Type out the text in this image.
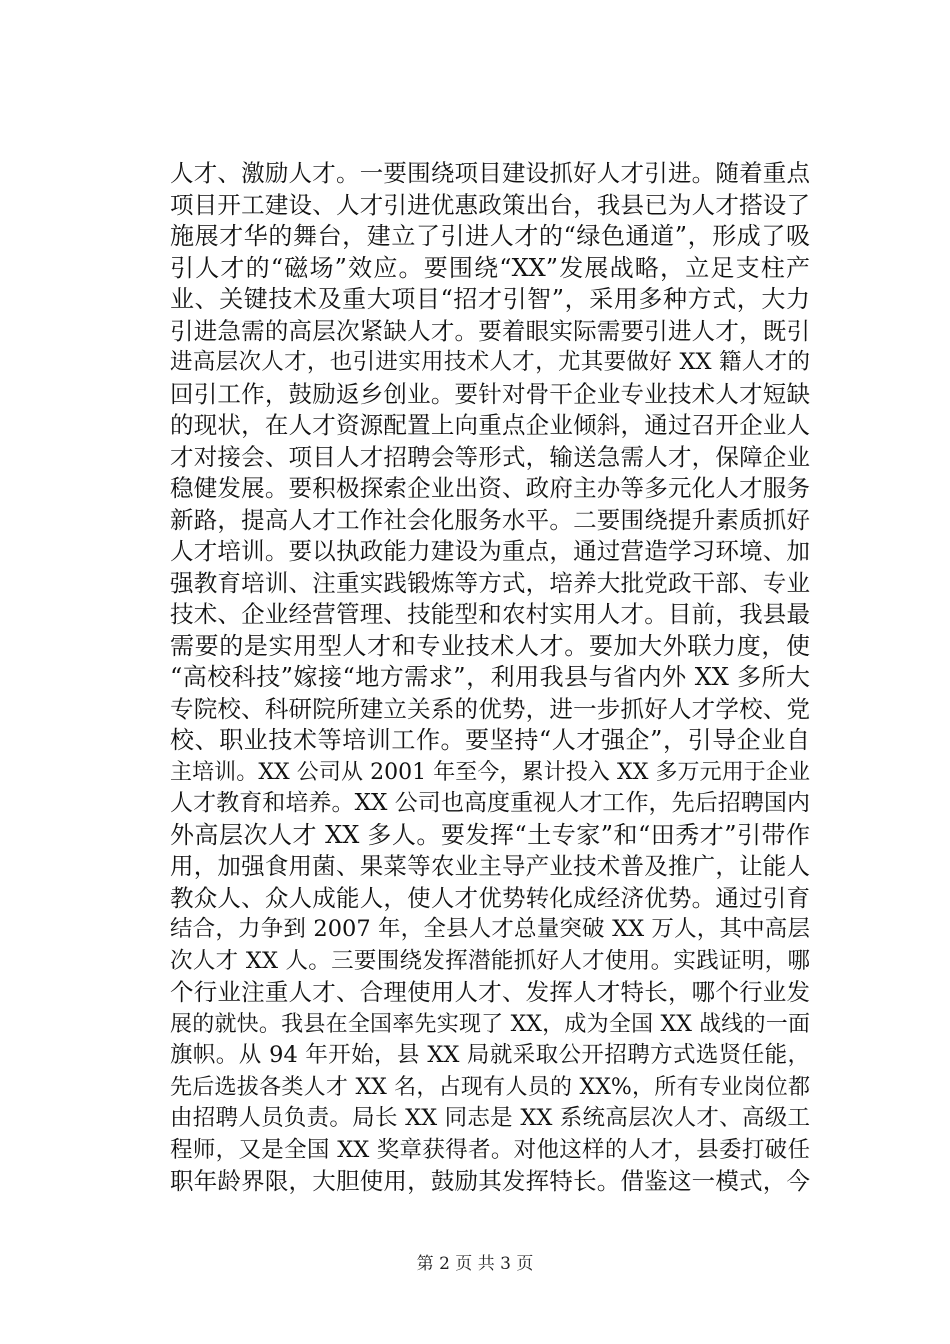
人才、激励人才。一要围绕项目建设抓好人才引进。随着重点
项目开工建设、人才引进优惠政策出台，我县已为人才搭设了
施展才华的舞台，建立了引进人才的“绿色通道”，形成了吸
引人才的“磁场”效应。要围绕“XX”发展战略，立足支柱产
业、关键技术及重大项目“招才引智”，采用多种方式，大力
引进急需的高层次紧缺人才。要着眼实际需要引进人才，既引
进高层次人才，也引进实用技术人才，尤其要做好 XX 籍人才的
回引工作，鼓励返乡创业。要针对骨干企业专业技术人才短缺
的现状，在人才资源配置上向重点企业倾斜，通过召开企业人
才对接会、项目人才招聘会等形式，输送急需人才，保障企业
稳健发展。要积极探索企业出资、政府主办等多元化人才服务
新路，提高人才工作社会化服务水平。二要围绕提升素质抓好
人才培训。要以执政能力建设为重点，通过营造学习环境、加
强教育培训、注重实践锻炼等方式，培养大批党政干部、专业
技术、企业经营管理、技能型和农村实用人才。目前，我县最
需要的是实用型人才和专业技术人才。要加大外联力度，使
“高校科技”嫁接“地方需求”，利用我县与省内外 XX 多所大
专院校、科研院所建立关系的优势，进一步抓好人才学校、党
校、职业技术等培训工作。要坚持“人才强企”，引导企业自
主培训。XX 公司从 2001 年至今，累计投入 XX 多万元用于企业
人才教育和培养。XX 公司也高度重视人才工作，先后招聘国内
外高层次人才 XX 多人。要发挥“土专家”和“田秀才”引带作
用，加强食用菌、果菜等农业主导产业技术普及推广，让能人
教众人、众人成能人，使人才优势转化成经济优势。通过引育
结合，力争到 2007 年，全县人才总量突破 XX 万人，其中高层
次人才 XX 人。三要围绕发挥潜能抓好人才使用。实践证明，哪
个行业注重人才、合理使用人才、发挥人才特长，哪个行业发
展的就快。我县在全国率先实现了 XX，成为全国 XX 战线的一面
旗帜。从 94 年开始，县 XX 局就采取公开招聘方式选贤任能，
先后选拔各类人才 XX 名，占现有人员的 XX%，所有专业岗位都
由招聘人员负责。局长 XX 同志是 XX 系统高层次人才、高级工
程师，又是全国 XX 奖章获得者。对他这样的人才，县委打破任
职年龄界限，大胆使用，鼓励其发挥特长。借鉴这一模式，今
第 2 页 共 3 页
